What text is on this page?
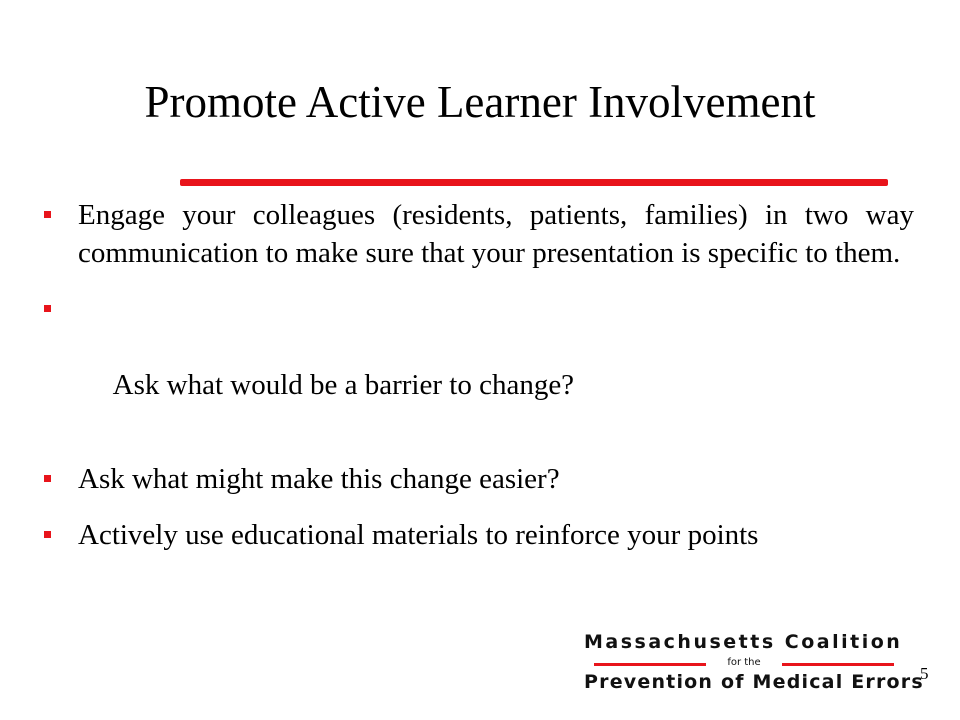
Promote Active Learner Involvement
Engage your colleagues (residents, patients, families) in two way communication to make sure that your presentation is specific to them.

Ask what would be a barrier to change?

Ask what might make this change easier?
Actively use educational materials to reinforce your points
Massachusetts Coalition
for the
Prevention of Medical Errors
5
